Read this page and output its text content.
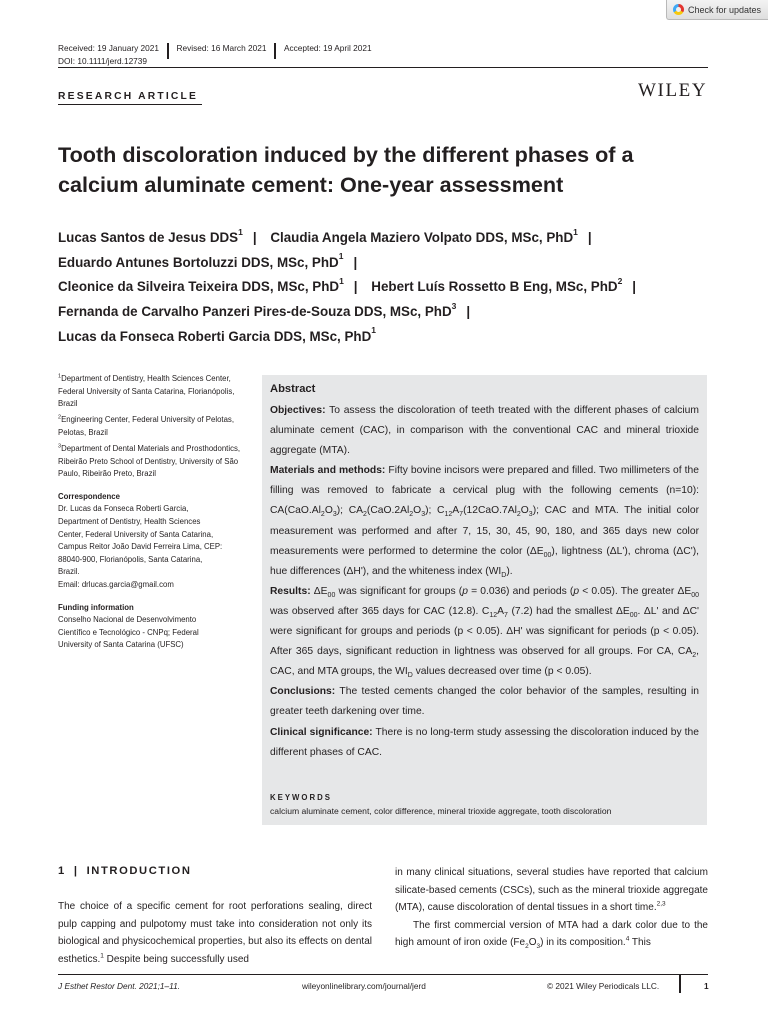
Check for updates
Received: 19 January 2021 Revised: 16 March 2021 Accepted: 19 April 2021
DOI: 10.1111/jerd.12739
RESEARCH ARTICLE	WILEY
Tooth discoloration induced by the different phases of a calcium aluminate cement: One-year assessment
Lucas Santos de Jesus DDS$^1$ | Claudia Angela Maziero Volpato DDS, MSc, PhD$^1$ |
Eduardo Antunes Bortoluzzi DDS, MSc, PhD$^1$ |
Cleonice da Silveira Teixeira DDS, MSc, PhD$^1$ | Hebert Luís Rossetto B Eng, MSc, PhD$^2$ |
Fernanda de Carvalho Panzeri Pires-de-Souza DDS, MSc, PhD$^3$ |
Lucas da Fonseca Roberti Garcia DDS, MSc, PhD$^1$

$^1$Department of Dentistry, Health Sciences Center, Federal University of Santa Catarina, Florianópolis, Brazil

$^2$Engineering Center, Federal University of Pelotas, Pelotas, Brazil

$^3$Department of Dental Materials and Prosthodontics, Ribeirão Preto School of Dentistry, University of São Paulo, Ribeirão Preto, Brazil

Correspondence
Dr. Lucas da Fonseca Roberti Garcia,
Department of Dentistry, Health Sciences
Center, Federal University of Santa Catarina,
Campus Reitor João David Ferreira Lima, CEP:
88040-900, Florianópolis, Santa Catarina,
Brazil.
Email: drlucas.garcia@gmail.com
Funding information
Conselho Nacional de Desenvolvimento
Científico e Tecnológico - CNPq; Federal
University of Santa Catarina (UFSC)
Abstract

Objectives: To assess the discoloration of teeth treated with the different phases of calcium aluminate cement (CAC), in comparison with the conventional CAC and mineral trioxide aggregate (MTA).

Materials and methods: Fifty bovine incisors were prepared and filled. Two millimeters of the filling was removed to fabricate a cervical plug with the following cements (n=10): $CA(CaO.Al_2O_3)$; $CA_2(CaO.2Al_2O_3)$; $C_{12}A_7(12CaO.7Al_2O_3)$; CAC and MTA. The initial color measurement was performed and after 7, 15, 30, 45, 90, 180, and 365 days new color measurements were performed to determine the color $(\Delta E_{00})$, lightness (ΔL'), chroma (ΔC'), hue differences (ΔH'), and the whiteness index $(WI_D)$.

Results: $\Delta E_{00}$ was significant for groups (p = 0.036) and periods (p < 0.05). The greater $\Delta E_{00}$ was observed after 365 days for CAC (12.8). $C_{12}A_7$ (7.2) had the smallest $\Delta E_{00}$. ΔL' and ΔC' were significant for groups and periods (p < 0.05). ΔH' was significant for periods (p < 0.05). After 365 days, significant reduction in lightness was observed for all groups. For CA, $CA_2$, CAC, and MTA groups, the $WI_D$ values decreased over time (p < 0.05).

Conclusions: The tested cements changed the color behavior of the samples, resulting in greater teeth darkening over time.

Clinical significance: There is no long-term study assessing the discoloration induced by the different phases of CAC.

KEYWORDS
calcium aluminate cement, color difference, mineral trioxide aggregate, tooth discoloration
1 | INTRODUCTION

The choice of a specific cement for root perforations sealing, direct pulp capping and pulpotomy must take into consideration not only its biological and physicochemical properties, but also its effects on dental esthetics.$^1$ Despite being successfully used

in many clinical situations, several studies have reported that calcium silicate-based cements (CSCs), such as the mineral trioxide aggregate (MTA), cause discoloration of dental tissues in a short time.$^{2,3}$

The first commercial version of MTA had a dark color due to the high amount of iron oxide $(Fe_2O_3)$ in its composition.$^4$ This

J Esthet Restor Dent. 2021;1–11.	wileyonlinelibrary.com/journal/jerd	© 2021 Wiley Periodicals LLC.	1
